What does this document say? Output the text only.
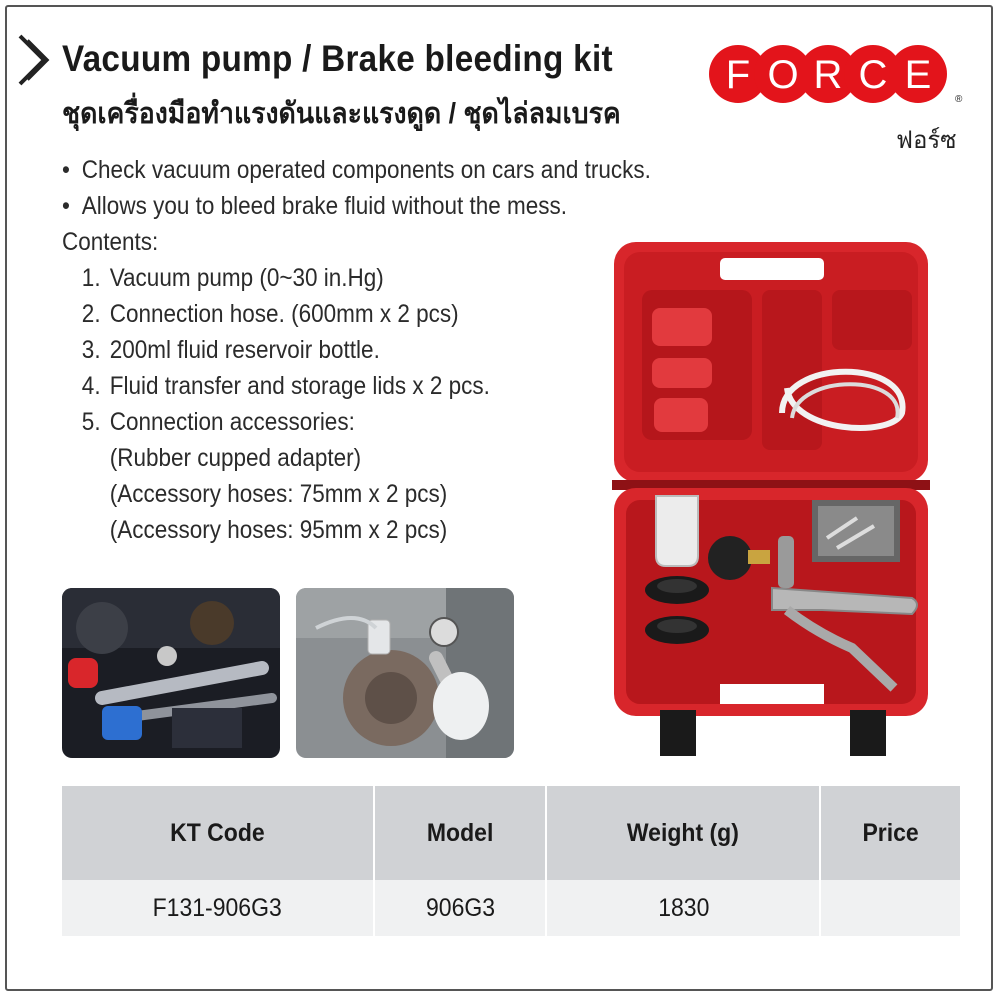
Vacuum pump / Brake bleeding kit
ชุดเครื่องมือทำแรงดันและแรงดูด / ชุดไล่ลมเบรค
F O R C E
®
ฟอร์ซ
• Check vacuum operated components on cars and trucks.
• Allows you to bleed brake fluid without the mess.
Contents:
1. Vacuum pump (0~30 in.Hg)
2. Connection hose. (600mm x 2 pcs)
3. 200ml fluid reservoir bottle.
4. Fluid transfer and storage lids x 2 pcs.
5. Connection accessories:
(Rubber cupped adapter)
(Accessory hoses: 75mm x 2 pcs)
(Accessory hoses: 95mm x 2 pcs)
KT Code	Model	Weight (g)	Price
F131-906G3	906G3	1830	
